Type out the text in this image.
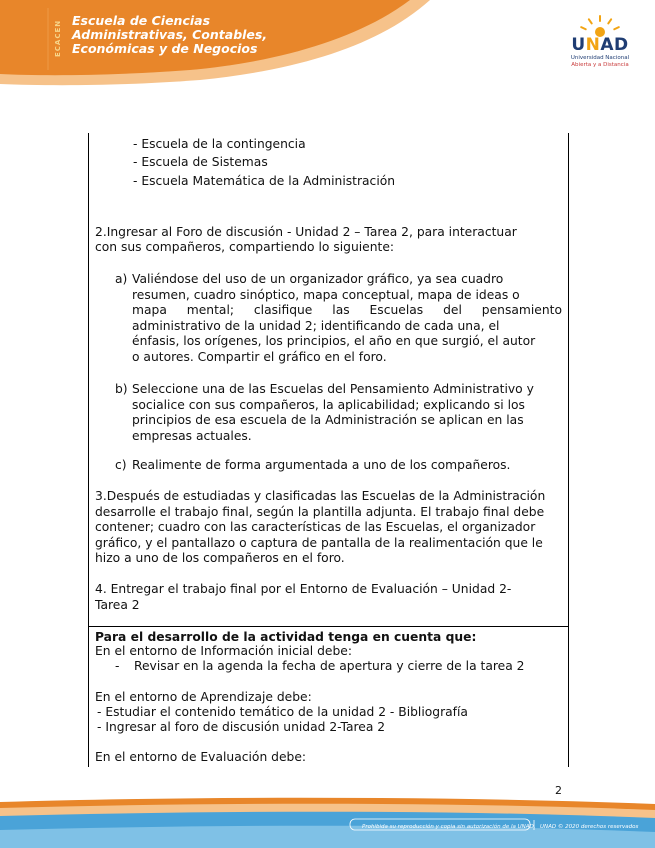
ECACEN Escuela de Ciencias
Administrativas, Contables,
Económicas y de Negocios	UNAD
Universidad Nacional
Abierta y a Distancia
- Escuela de la contingencia
- Escuela de Sistemas
- Escuela Matemática de la Administración
2.Ingresar al Foro de discusión - Unidad 2 – Tarea 2, para interactuar
con sus compañeros, compartiendo lo siguiente:
a) Valiéndose del uso de un organizador gráfico, ya sea cuadro
resumen, cuadro sinóptico, mapa conceptual, mapa de ideas o
mapa mental; clasifique las Escuelas del pensamiento
administrativo de la unidad 2; identificando de cada una, el
énfasis, los orígenes, los principios, el año en que surgió, el autor
o autores. Compartir el gráfico en el foro.
b) Seleccione una de las Escuelas del Pensamiento Administrativo y
socialice con sus compañeros, la aplicabilidad; explicando si los
principios de esa escuela de la Administración se aplican en las
empresas actuales.
c) Realimente de forma argumentada a uno de los compañeros.
3.Después de estudiadas y clasificadas las Escuelas de la Administración
desarrolle el trabajo final, según la plantilla adjunta. El trabajo final debe
contener; cuadro con las características de las Escuelas, el organizador
gráfico, y el pantallazo o captura de pantalla de la realimentación que le
hizo a uno de los compañeros en el foro.
4. Entregar el trabajo final por el Entorno de Evaluación – Unidad 2-
Tarea 2
Para el desarrollo de la actividad tenga en cuenta que:
En el entorno de Información inicial debe:
- Revisar en la agenda la fecha de apertura y cierre de la tarea 2
En el entorno de Aprendizaje debe:
- Estudiar el contenido temático de la unidad 2 - Bibliografía
- Ingresar al foro de discusión unidad 2-Tarea 2
En el entorno de Evaluación debe:
2
Prohibida su reproducción y copia sin autorización de la UNAD. UNAD © 2020 derechos reservados
